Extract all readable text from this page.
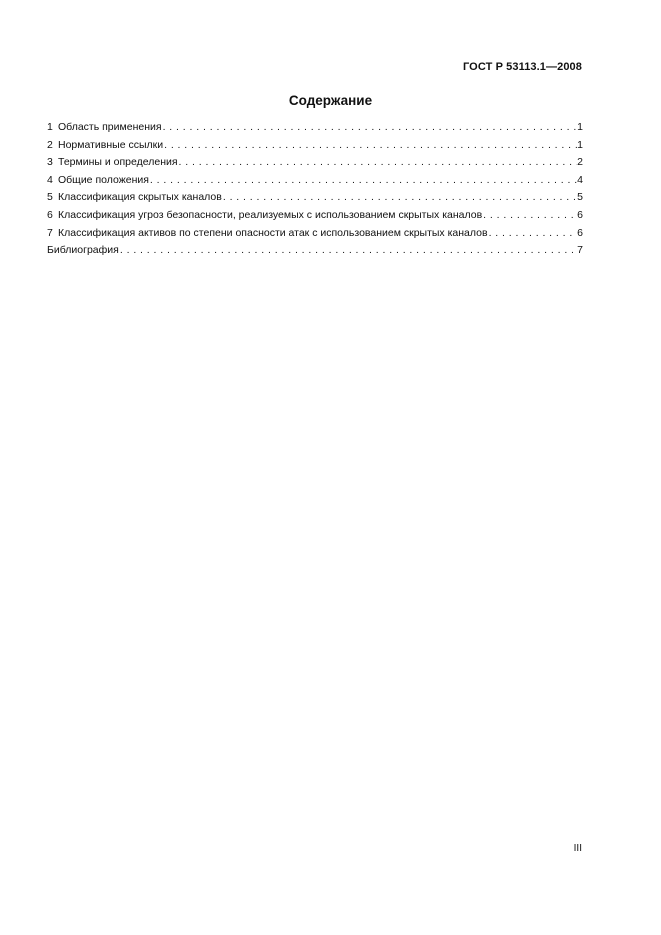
ГОСТ Р 53113.1—2008
Содержание
1 Область применения . . .	1
2 Нормативные ссылки . . .	1
3 Термины и определения . . .	2
4 Общие положения . . .	4
5 Классификация скрытых каналов . . .	5
6 Классификация угроз безопасности, реализуемых с использованием скрытых каналов . . .	6
7 Классификация активов по степени опасности атак с использованием скрытых каналов . . .	6
Библиография . . .	7
III
